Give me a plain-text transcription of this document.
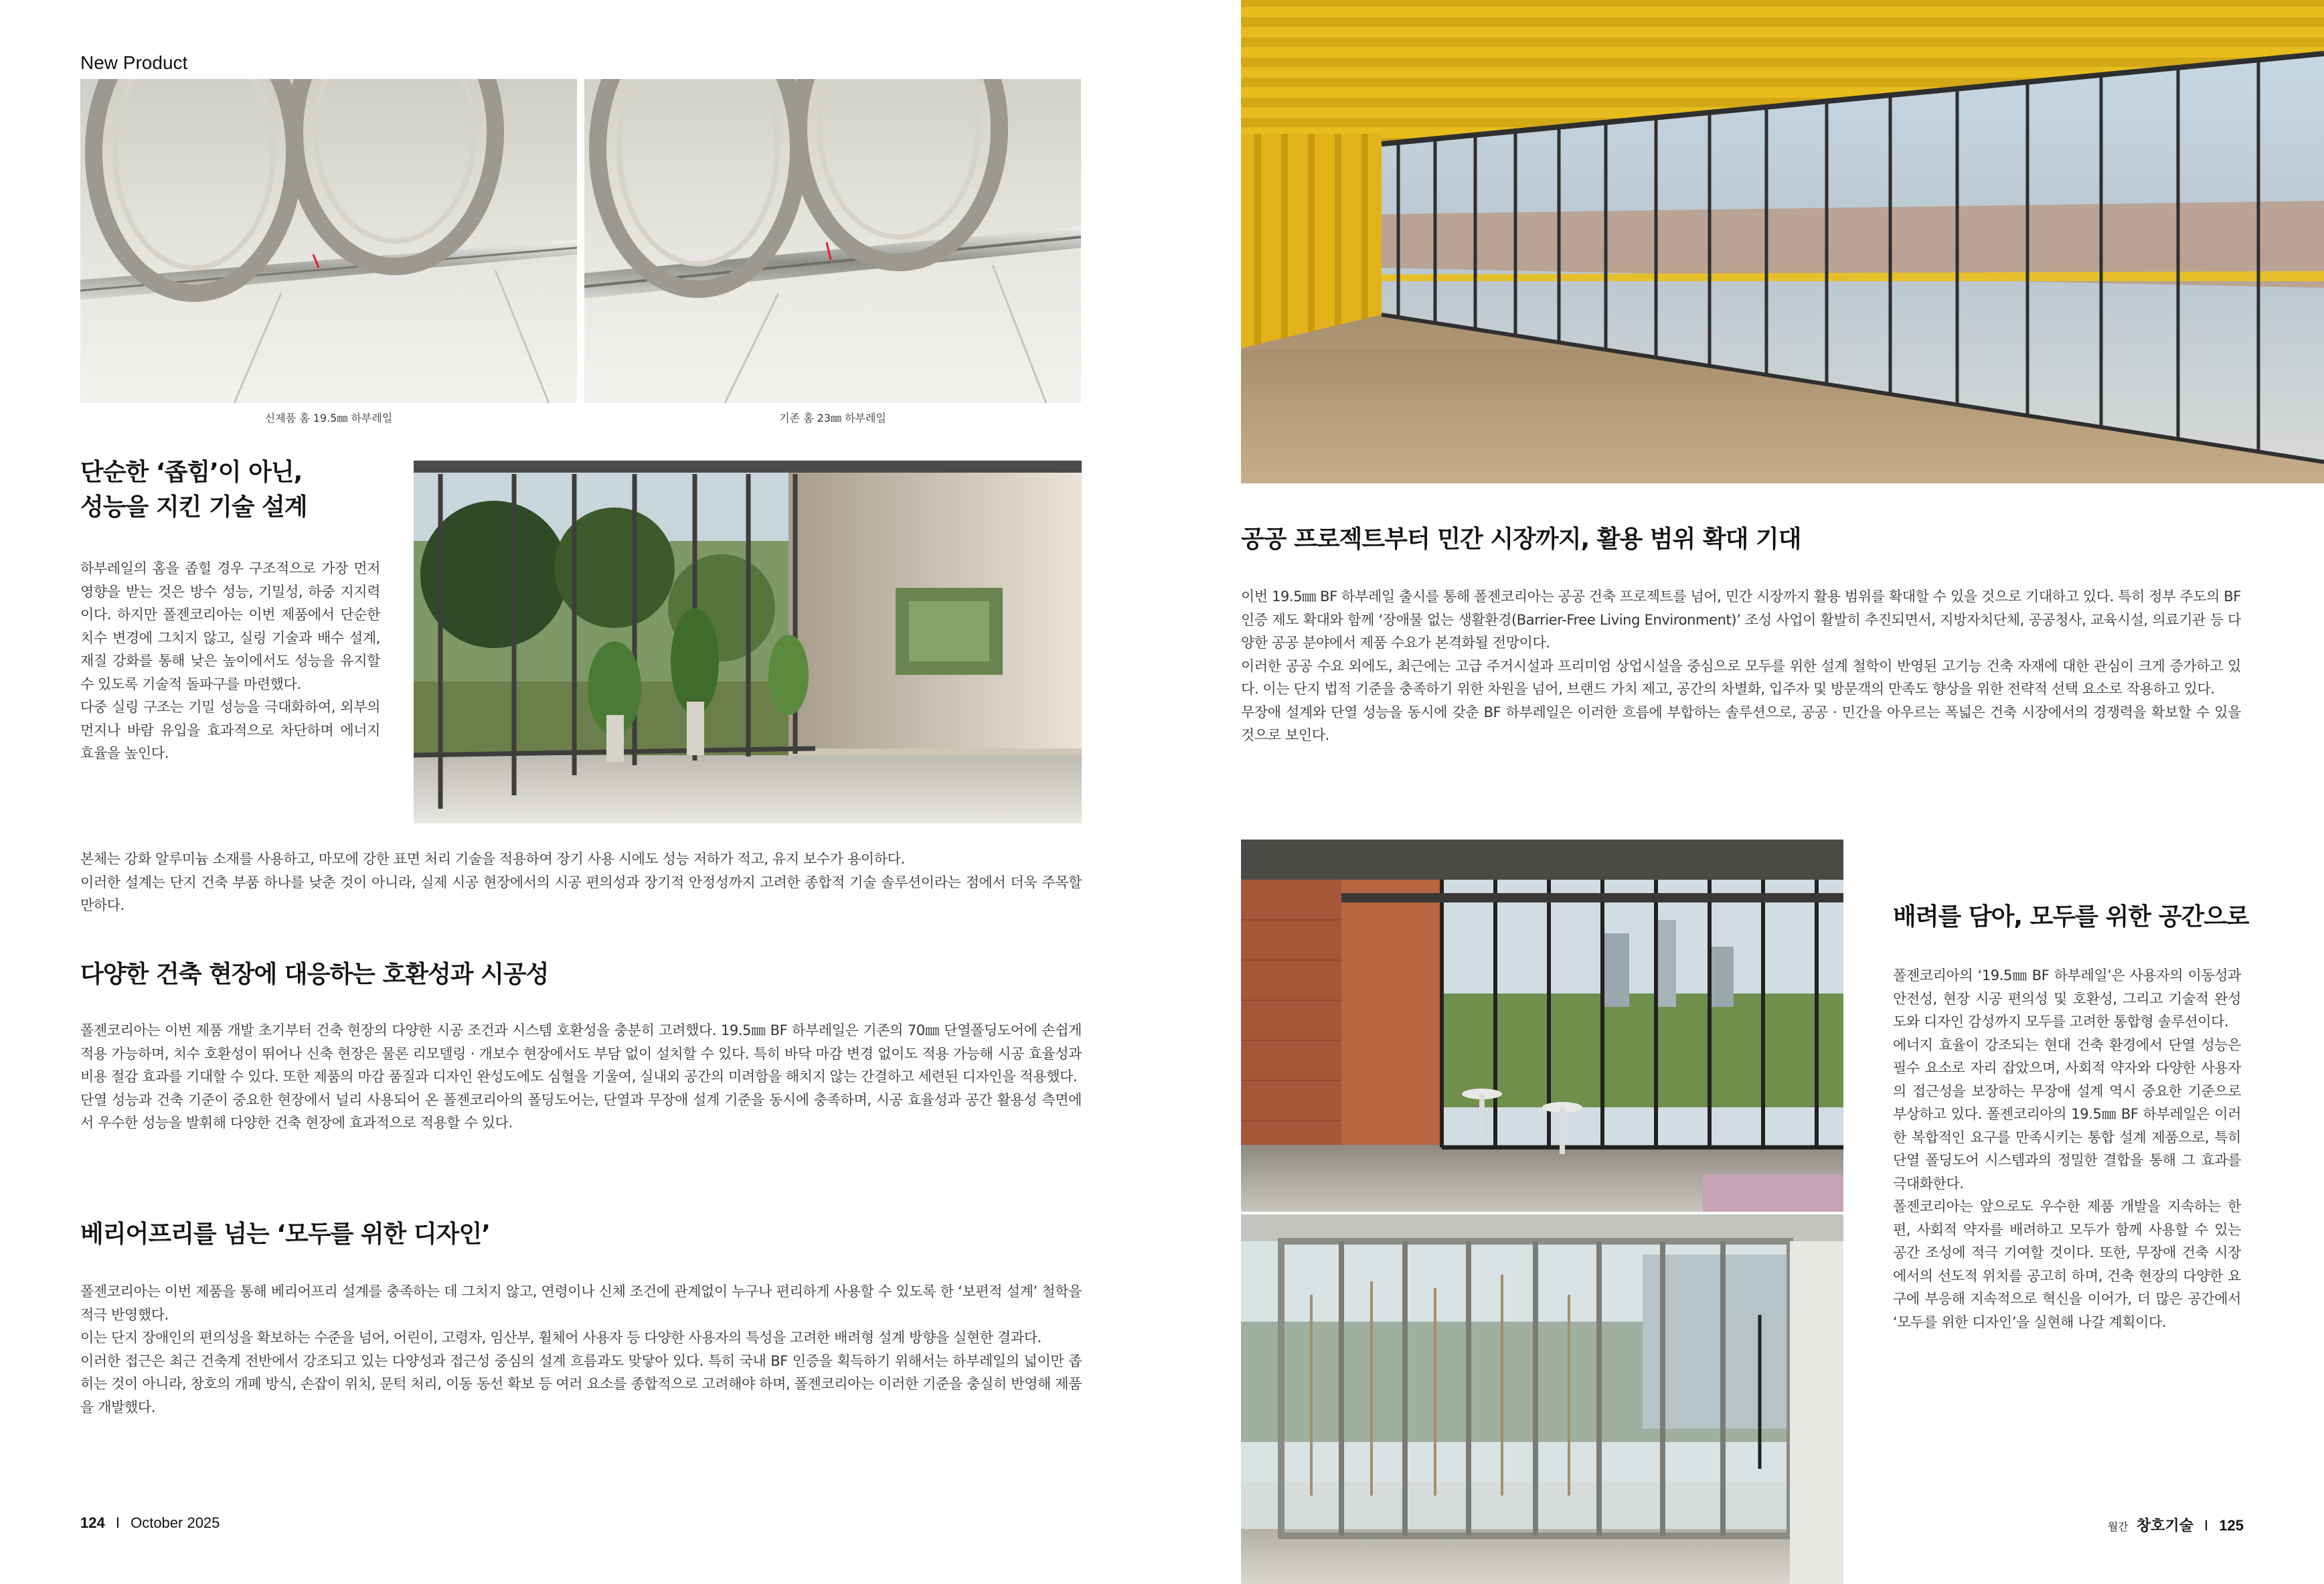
New Product
신제품 홈 19.5㎜ 하부레일	기존 홈 23㎜ 하부레일
단순한 ‘좁힘’이 아닌,
성능을 지킨 기술 설계

하부레일의 홈을 좁힐 경우 구조적으로 가장 먼저 영향을 받는 것은 방수 성능, 기밀성, 하중 지지력이다. 하지만 폴젠코리아는 이번 제품에서 단순한 치수 변경에 그치지 않고, 실링 기술과 배수 설계, 재질 강화를 통해 낮은 높이에서도 성능을 유지할 수 있도록 기술적 돌파구를 마련했다.

다중 실링 구조는 기밀 성능을 극대화하여, 외부의 먼지나 바람 유입을 효과적으로 차단하며 에너지 효율을 높인다.

본체는 강화 알루미늄 소재를 사용하고, 마모에 강한 표면 처리 기술을 적용하여 장기 사용 시에도 성능 저하가 적고, 유지 보수가 용이하다.

이러한 설계는 단지 건축 부품 하나를 낮춘 것이 아니라, 실제 시공 현장에서의 시공 편의성과 장기적 안정성까지 고려한 종합적 기술 솔루션이라는 점에서 더욱 주목할 만하다.

다양한 건축 현장에 대응하는 호환성과 시공성

폴젠코리아는 이번 제품 개발 초기부터 건축 현장의 다양한 시공 조건과 시스템 호환성을 충분히 고려했다. 19.5㎜ BF 하부레일은 기존의 70㎜ 단열폴딩도어에 손쉽게 적용 가능하며, 치수 호환성이 뛰어나 신축 현장은 물론 리모델링 · 개보수 현장에서도 부담 없이 설치할 수 있다. 특히 바닥 마감 변경 없이도 적용 가능해 시공 효율성과 비용 절감 효과를 기대할 수 있다. 또한 제품의 마감 품질과 디자인 완성도에도 심혈을 기울여, 실내외 공간의 미려함을 해치지 않는 간결하고 세련된 디자인을 적용했다.

단열 성능과 건축 기준이 중요한 현장에서 널리 사용되어 온 폴젠코리아의 폴딩도어는, 단열과 무장애 설계 기준을 동시에 충족하며, 시공 효율성과 공간 활용성 측면에서 우수한 성능을 발휘해 다양한 건축 현장에 효과적으로 적용할 수 있다.

베리어프리를 넘는 ‘모두를 위한 디자인’

폴젠코리아는 이번 제품을 통해 베리어프리 설계를 충족하는 데 그치지 않고, 연령이나 신체 조건에 관계없이 누구나 편리하게 사용할 수 있도록 한 ‘보편적 설계’ 철학을 적극 반영했다.

이는 단지 장애인의 편의성을 확보하는 수준을 넘어, 어린이, 고령자, 임산부, 휠체어 사용자 등 다양한 사용자의 특성을 고려한 배려형 설계 방향을 실현한 결과다.

이러한 접근은 최근 건축계 전반에서 강조되고 있는 다양성과 접근성 중심의 설계 흐름과도 맞닿아 있다. 특히 국내 BF 인증을 획득하기 위해서는 하부레일의 넓이만 좁히는 것이 아니라, 창호의 개폐 방식, 손잡이 위치, 문턱 처리, 이동 동선 확보 등 여러 요소를 종합적으로 고려해야 하며, 폴젠코리아는 이러한 기준을 충실히 반영해 제품을 개발했다.

124 I October 2025
공공 프로젝트부터 민간 시장까지, 활용 범위 확대 기대

이번 19.5㎜ BF 하부레일 출시를 통해 폴젠코리아는 공공 건축 프로젝트를 넘어, 민간 시장까지 활용 범위를 확대할 수 있을 것으로 기대하고 있다. 특히 정부 주도의 BF 인증 제도 확대와 함께 ‘장애물 없는 생활환경(Barrier-Free Living Environment)’ 조성 사업이 활발히 추진되면서, 지방자치단체, 공공청사, 교육시설, 의료기관 등 다양한 공공 분야에서 제품 수요가 본격화될 전망이다.

이러한 공공 수요 외에도, 최근에는 고급 주거시설과 프리미엄 상업시설을 중심으로 모두를 위한 설계 철학이 반영된 고기능 건축 자재에 대한 관심이 크게 증가하고 있다. 이는 단지 법적 기준을 충족하기 위한 차원을 넘어, 브랜드 가치 제고, 공간의 차별화, 입주자 및 방문객의 만족도 향상을 위한 전략적 선택 요소로 작용하고 있다.

무장애 설계와 단열 성능을 동시에 갖춘 BF 하부레일은 이러한 흐름에 부합하는 솔루션으로, 공공 · 민간을 아우르는 폭넓은 건축 시장에서의 경쟁력을 확보할 수 있을 것으로 보인다.

배려를 담아, 모두를 위한 공간으로

폴젠코리아의 ‘19.5㎜ BF 하부레일’은 사용자의 이동성과 안전성, 현장 시공 편의성 및 호환성, 그리고 기술적 완성도와 디자인 감성까지 모두를 고려한 통합형 솔루션이다.

에너지 효율이 강조되는 현대 건축 환경에서 단열 성능은 필수 요소로 자리 잡았으며, 사회적 약자와 다양한 사용자의 접근성을 보장하는 무장애 설계 역시 중요한 기준으로 부상하고 있다. 폴젠코리아의 19.5㎜ BF 하부레일은 이러한 복합적인 요구를 만족시키는 통합 설계 제품으로, 특히 단열 폴딩도어 시스템과의 정밀한 결합을 통해 그 효과를 극대화한다.

폴젠코리아는 앞으로도 우수한 제품 개발을 지속하는 한편, 사회적 약자를 배려하고 모두가 함께 사용할 수 있는 공간 조성에 적극 기여할 것이다. 또한, 무장애 건축 시장에서의 선도적 위치를 공고히 하며, 건축 현장의 다양한 요구에 부응해 지속적으로 혁신을 이어가, 더 많은 공간에서 ‘모두를 위한 디자인’을 실현해 나갈 계획이다.

월간 창호기술 I 125
